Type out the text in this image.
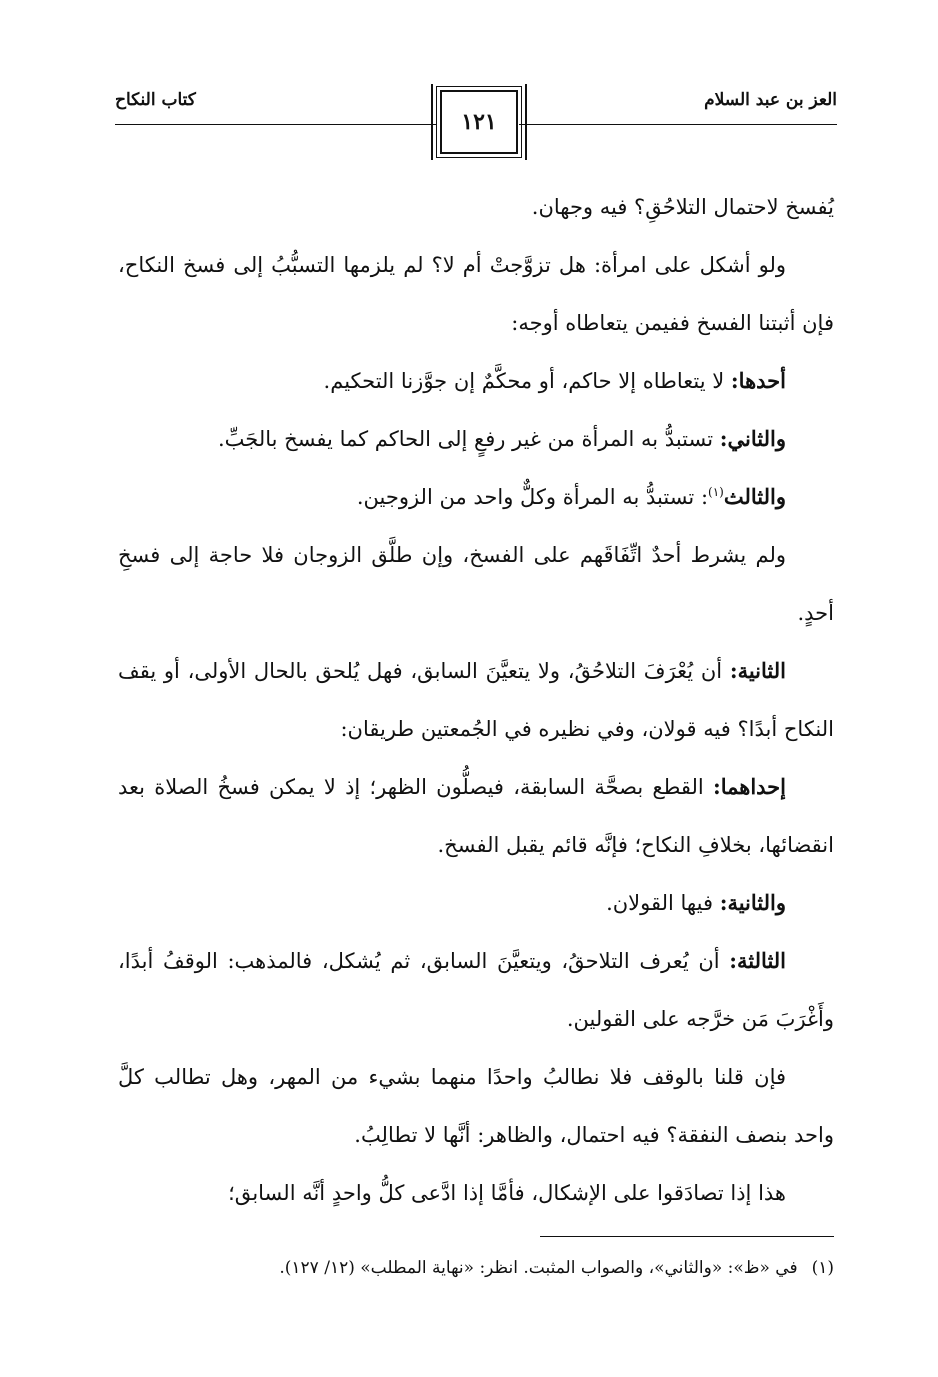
كتاب النكاح	العز بن عبد السلام
١٢١

يُفسخ لاحتمال التلاحُقِ؟ فيه وجهان.

ولو أشكل على امرأة: هل تزوَّجتْ أم لا؟ لم يلزمها التسبُّبُ إلى فسخ النكاح، فإن أثبتنا الفسخ ففيمن يتعاطاه أوجه:

أحدها: لا يتعاطاه إلا حاكم، أو محكَّمٌ إن جوَّزنا التحكيم.

والثاني: تستبدُّ به المرأة من غير رفعٍ إلى الحاكم كما يفسخ بالجَبِّ.

والثالث$^{(١)}$: تستبدُّ به المرأة وكلٌّ واحد من الزوجين.

ولم يشرط أحدٌ اتِّفَاقَهم على الفسخ، وإن طلَّق الزوجان فلا حاجة إلى فسخِ أحدٍ.

الثانية: أن يُعْرَفَ التلاحُقُ، ولا يتعيَّنَ السابق، فهل يُلحق بالحال الأولى، أو يقف النكاح أبدًا؟ فيه قولان، وفي نظيره في الجُمعتين طريقان:

إحداهما: القطع بصحَّة السابقة، فيصلُّون الظهر؛ إذ لا يمكن فسخُ الصلاة بعد انقضائها، بخلافِ النكاح؛ فإنَّه قائم يقبل الفسخ.

والثانية: فيها القولان.

الثالثة: أن يُعرف التلاحقُ، ويتعيَّنَ السابق، ثم يُشكل، فالمذهب: الوقفُ أبدًا، وأَغْرَبَ مَن خرَّجه على القولين.

فإن قلنا بالوقف فلا نطالبُ واحدًا منهما بشيء من المهر، وهل تطالب كلَّ واحد بنصف النفقة؟ فيه احتمال، والظاهر: أنَّها لا تطالِبُ.

هذا إذا تصادَقوا على الإشكال، فأمَّا إذا ادَّعى كلُّ واحدٍ أنَّه السابق؛

(١)في «ظ»: «والثاني»، والصواب المثبت. انظر: «نهاية المطلب» (١٢/ ١٢٧).
